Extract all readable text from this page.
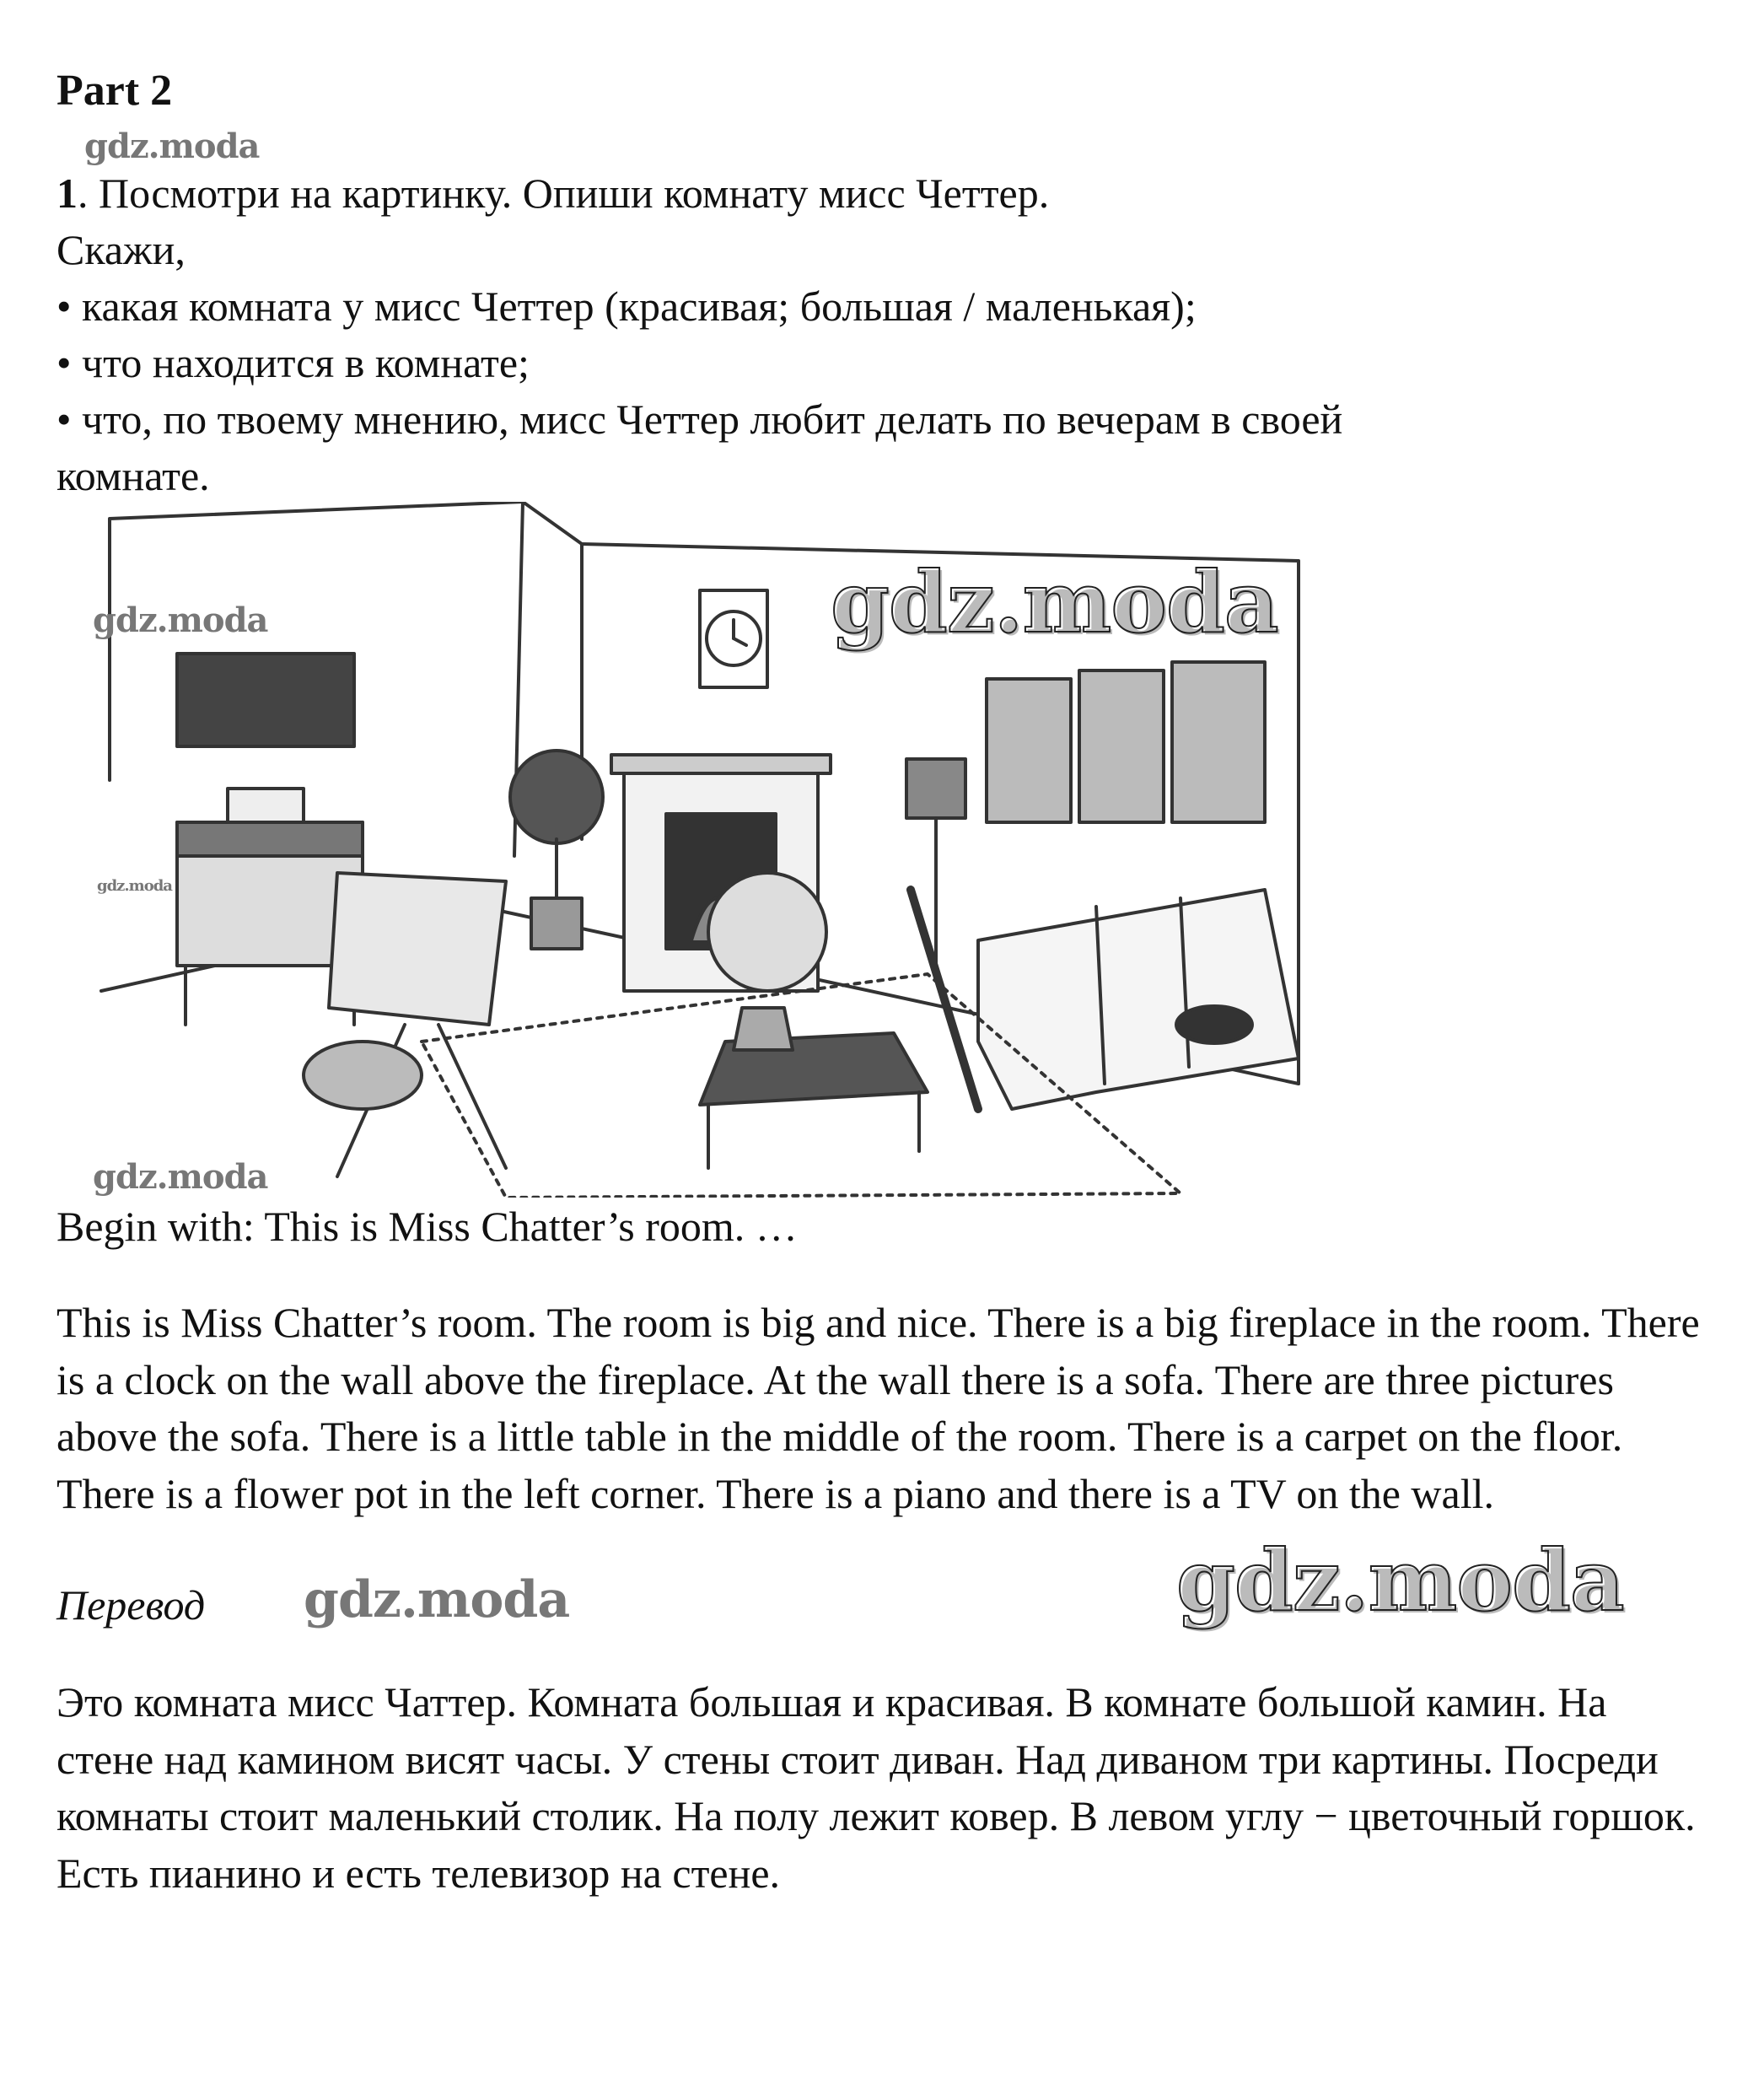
Part 2
gdz.moda
1. Посмотри на картинку. Опиши комнату мисс Четтер.
Скажи,
• какая комната у мисс Четтер (красивая; большая / маленькая);
• что находится в комнате;
• что, по твоему мнению, мисс Четтер любит делать по вечерам в своей
комнате.
gdz.moda	gdz.moda
gdz.moda
gdz.moda
Begin with: This is Miss Chatter’s room. …

This is Miss Chatter’s room. The room is big and nice. There is a big fireplace in the room. There is a clock on the wall above the fireplace. At the wall there is a sofa. There are three pictures above the sofa. There is a little table in the middle of the room. There is a carpet on the floor. There is a flower pot in the left corner. There is a piano and there is a TV on the wall.

Перевод gdz.moda	gdz.moda

Это комната мисс Чаттер. Комната большая и красивая. В комнате большой камин. На стене над камином висят часы. У стены стоит диван. Над диваном три картины. Посреди комнаты стоит маленький столик. На полу лежит ковер. В левом углу − цветочный горшок. Есть пианино и есть телевизор на стене.
